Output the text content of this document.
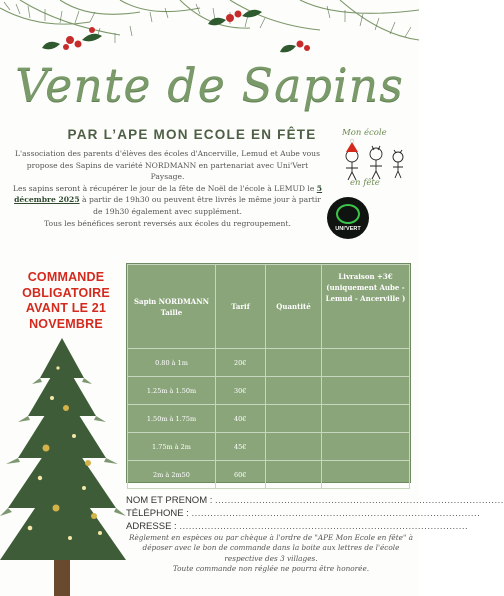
Vente de Sapins
PAR L’APE MON ECOLE EN FÊTE	Mon école
en fête

L'association des parents d'élèves des écoles d'Ancerville, Lemud et Aube vous propose des Sapins de variété NORDMANN en partenariat avec Uni'Vert Paysage.

Les sapins seront à récupérer le jour de la fête de Noël de l'école à LEMUD le 5 décembre 2025 à partir de 19h30 ou peuvent être livrés le même jour à partir de 19h30 également avec supplément.

Tous les bénéfices seront reversés aux écoles du regroupement.

UNI'VERT
COMMANDE OBLIGATOIRE AVANT LE 21 NOVEMBRE
Sapin NORDMANN Taille	Tarif	Quantité	Livraison +3€ (uniquement Aube - Lemud - Ancerville )
0.80 à 1m	20€		
1.25m à 1.50m	30€		
1.50m à 1.75m	40€		
1.75m à 2m	45€		
2m à 2m50	60€		
NOM ET PRENOM : ............................................................................................
TÉLÉPHONE : ............................................................................................
ADRESSE : ............................................................................................

Règlement en espèces ou par chèque à l'ordre de "APE Mon Ecole en fête" à déposer avec le bon de commande dans la boite aux lettres de l'école respective des 3 villages.

Toute commande non réglée ne pourra être honorée.
